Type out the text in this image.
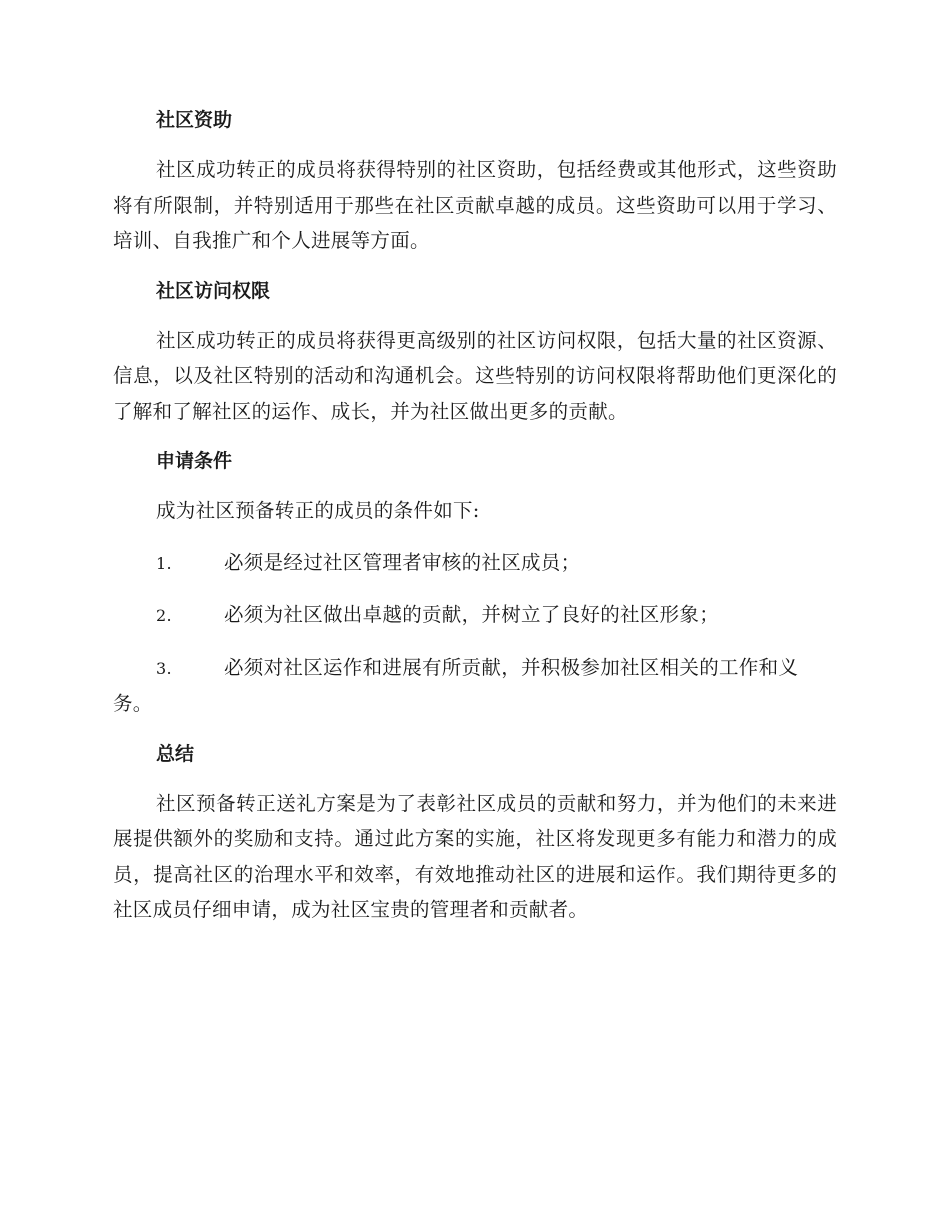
社区资助

社区成功转正的成员将获得特别的社区资助，包括经费或其他形式，这些资助将有所限制，并特别适用于那些在社区贡献卓越的成员。这些资助可以用于学习、培训、自我推广和个人进展等方面。

社区访问权限

社区成功转正的成员将获得更高级别的社区访问权限，包括大量的社区资源、信息，以及社区特别的活动和沟通机会。这些特别的访问权限将帮助他们更深化的了解和了解社区的运作、成长，并为社区做出更多的贡献。

申请条件

成为社区预备转正的成员的条件如下:

1.	必须是经过社区管理者审核的社区成员；
2.	必须为社区做出卓越的贡献，并树立了良好的社区形象；
3.	必须对社区运作和进展有所贡献，并积极参加社区相关的工作和义务。
总结

社区预备转正送礼方案是为了表彰社区成员的贡献和努力，并为他们的未来进展提供额外的奖励和支持。通过此方案的实施，社区将发现更多有能力和潜力的成员，提高社区的治理水平和效率，有效地推动社区的进展和运作。我们期待更多的社区成员仔细申请，成为社区宝贵的管理者和贡献者。
